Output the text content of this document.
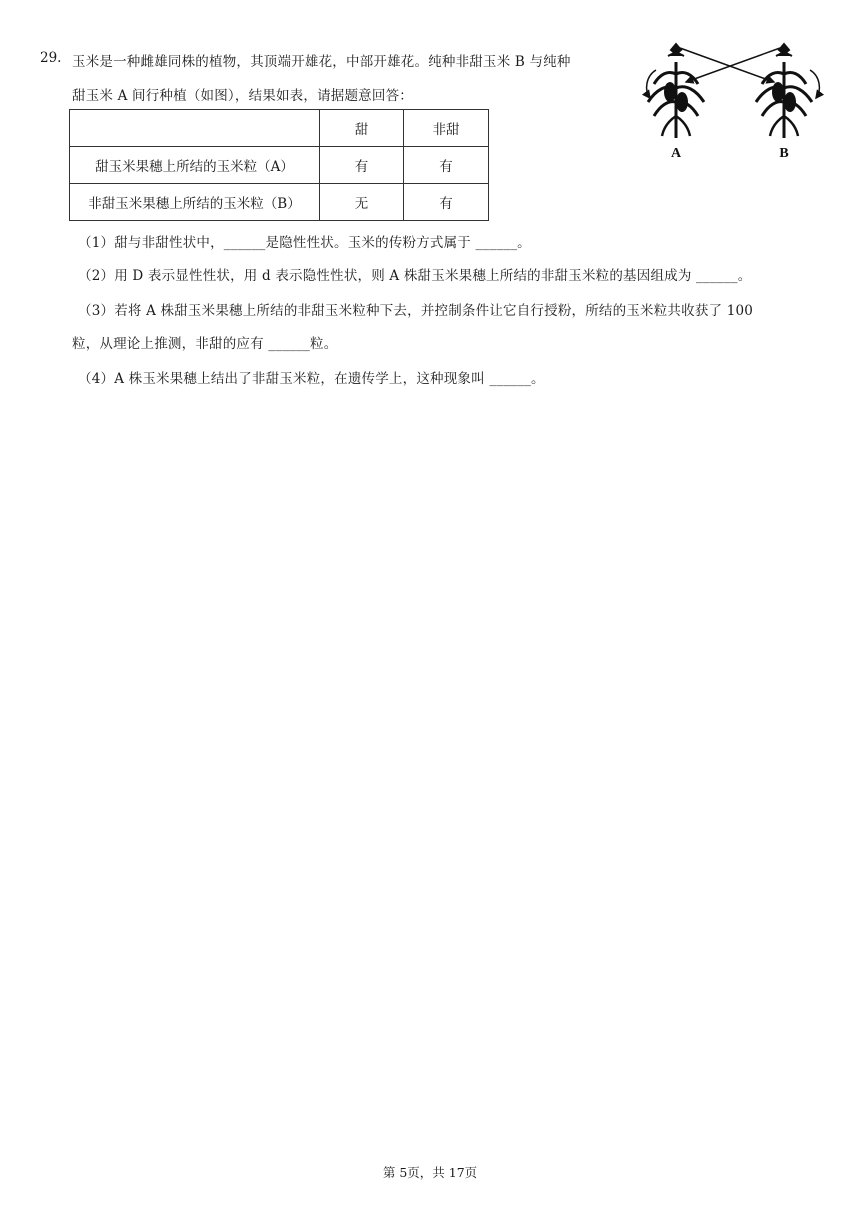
29. 玉米是一种雌雄同株的植物，其顶端开雄花，中部开雄花。纯种非甜玉米 B 与纯种
甜玉米 A 间行种植（如图），结果如表，请据题意回答：
	甜	非甜
甜玉米果穗上所结的玉米粒（A）	有	有
非甜玉米果穗上所结的玉米粒（B）	无	有
A	B
（1）甜与非甜性状中，______是隐性性状。玉米的传粉方式属于 ______。
（2）用 D 表示显性性状，用 d 表示隐性性状，则 A 株甜玉米果穗上所结的非甜玉米粒的基因组成为 ______。
（3）若将 A 株甜玉米果穗上所结的非甜玉米粒种下去，并控制条件让它自行授粉，所结的玉米粒共收获了 100
粒，从理论上推测，非甜的应有 ______粒。
（4）A 株玉米果穗上结出了非甜玉米粒，在遗传学上，这种现象叫 ______。
第 5页，共 17页
